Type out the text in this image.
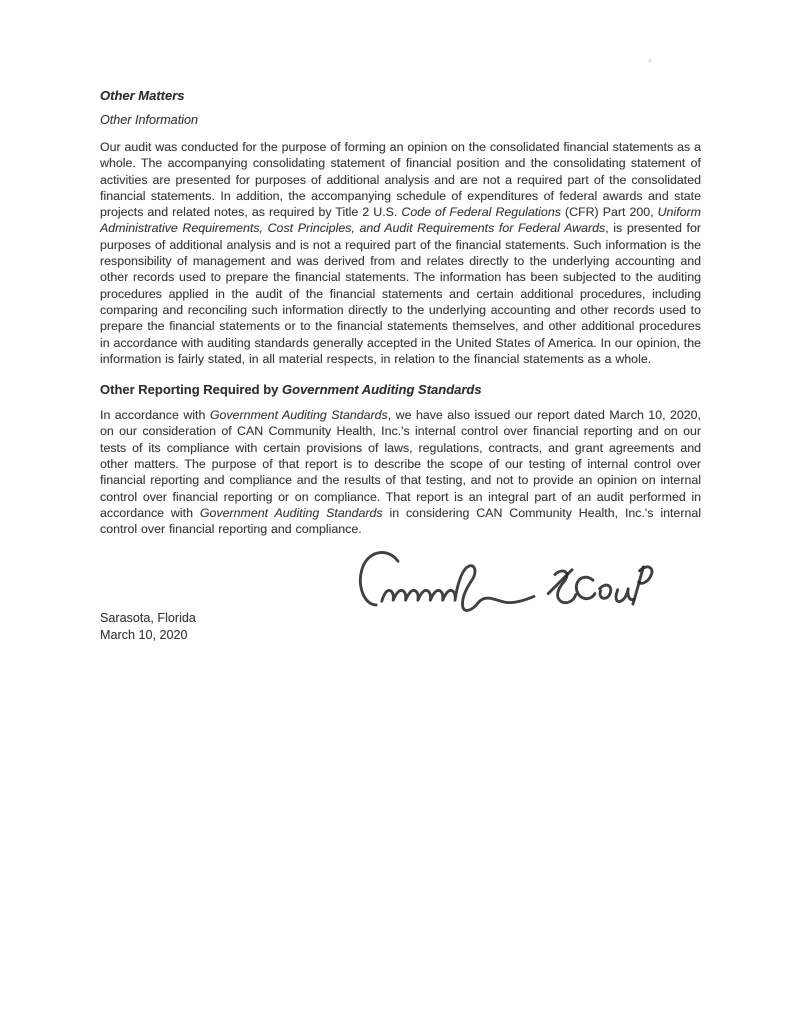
Other Matters
Other Information

Our audit was conducted for the purpose of forming an opinion on the consolidated financial statements as a whole. The accompanying consolidating statement of financial position and the consolidating statement of activities are presented for purposes of additional analysis and are not a required part of the consolidated financial statements. In addition, the accompanying schedule of expenditures of federal awards and state projects and related notes, as required by Title 2 U.S. Code of Federal Regulations (CFR) Part 200, Uniform Administrative Requirements, Cost Principles, and Audit Requirements for Federal Awards, is presented for purposes of additional analysis and is not a required part of the financial statements. Such information is the responsibility of management and was derived from and relates directly to the underlying accounting and other records used to prepare the financial statements. The information has been subjected to the auditing procedures applied in the audit of the financial statements and certain additional procedures, including comparing and reconciling such information directly to the underlying accounting and other records used to prepare the financial statements or to the financial statements themselves, and other additional procedures in accordance with auditing standards generally accepted in the United States of America. In our opinion, the information is fairly stated, in all material respects, in relation to the financial statements as a whole.

Other Reporting Required by Government Auditing Standards

In accordance with Government Auditing Standards, we have also issued our report dated March 10, 2020, on our consideration of CAN Community Health, Inc.'s internal control over financial reporting and on our tests of its compliance with certain provisions of laws, regulations, contracts, and grant agreements and other matters. The purpose of that report is to describe the scope of our testing of internal control over financial reporting and compliance and the results of that testing, and not to provide an opinion on internal control over financial reporting or on compliance. That report is an integral part of an audit performed in accordance with Government Auditing Standards in considering CAN Community Health, Inc.'s internal control over financial reporting and compliance.

Sarasota, Florida
March 10, 2020
